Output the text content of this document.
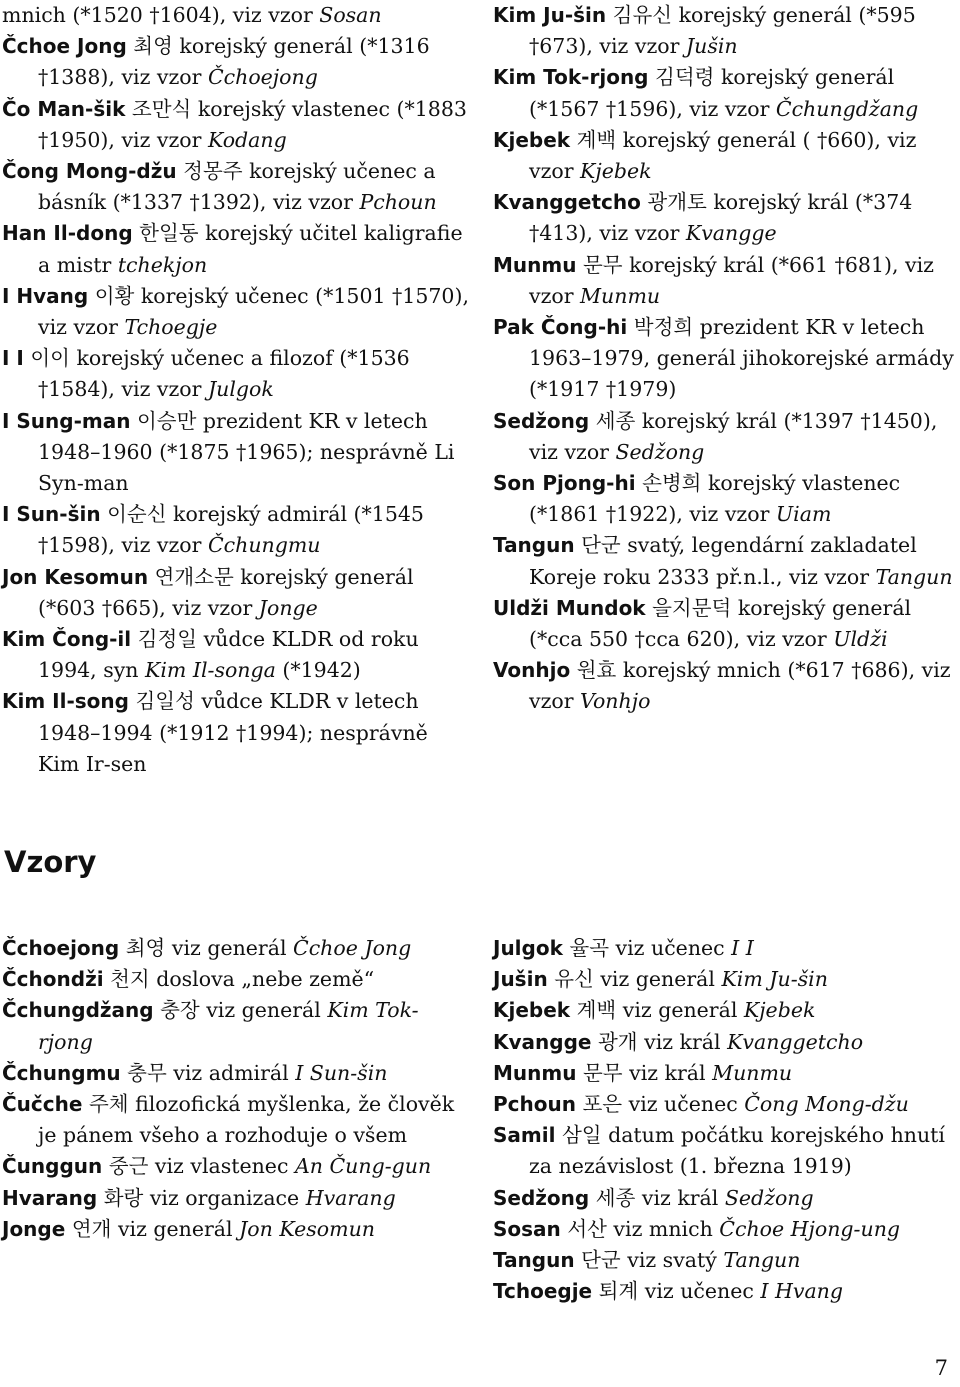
mnich (*1520 †1604), viz vzor Sosan
Čchoe Jong 최영 korejský generál (*1316 †1388), viz vzor Čchoejong
Čo Man-šik 조만식 korejský vlastenec (*1883 †1950), viz vzor Kodang
Čong Mong-džu 정몽주 korejský učenec a básník (*1337 †1392), viz vzor Pchoun
Han Il-dong 한일동 korejský učitel kaligrafie a mistr tchekjon
I Hvang 이황 korejský učenec (*1501 †1570), viz vzor Tchoegje
I I 이이 korejský učenec a filozof (*1536 †1584), viz vzor Julgok
I Sung-man 이승만 prezident KR v letech 1948–1960 (*1875 †1965); nesprávně Li Syn-man
I Sun-šin 이순신 korejský admirál (*1545 †1598), viz vzor Čchungmu
Jon Kesomun 연개소문 korejský generál (*603 †665), viz vzor Jonge
Kim Čong-il 김정일 vůdce KLDR od roku 1994, syn Kim Il-songa (*1942)
Kim Il-song 김일성 vůdce KLDR v letech 1948–1994 (*1912 †1994); nesprávně Kim Ir-sen
Kim Ju-šin 김유신 korejský generál (*595 †673), viz vzor Jušin
Kim Tok-rjong 김덕령 korejský generál (*1567 †1596), viz vzor Čchungdžang
Kjebek 계백 korejský generál ( †660), viz vzor Kjebek
Kvanggetcho 광개토 korejský král (*374 †413), viz vzor Kvangge
Munmu 문무 korejský král (*661 †681), viz vzor Munmu
Pak Čong-hi 박정희 prezident KR v letech 1963–1979, generál jihokorejské armády (*1917 †1979)
Sedžong 세종 korejský král (*1397 †1450), viz vzor Sedžong
Son Pjong-hi 손병희 korejský vlastenec (*1861 †1922), viz vzor Uiam
Tangun 단군 svatý, legendární zakladatel Koreje roku 2333 př.n.l., viz vzor Tangun
Uldži Mundok 을지문덕 korejský generál (*cca 550 †cca 620), viz vzor Uldži
Vonhjo 원효 korejský mnich (*617 †686), viz vzor Vonhjo
Vzory
Čchoejong 최영 viz generál Čchoe Jong
Čchondži 천지 doslova „nebe země“
Čchungdžang 충장 viz generál Kim Tok-rjong
Čchungmu 충무 viz admirál I Sun-šin
Čučche 주체 filozofická myšlenka, že člověk je pánem všeho a rozhoduje o všem
Čunggun 중근 viz vlastenec An Čung-gun
Hvarang 화랑 viz organizace Hvarang
Jonge 연개 viz generál Jon Kesomun
Julgok 율곡 viz učenec I I
Jušin 유신 viz generál Kim Ju-šin
Kjebek 계백 viz generál Kjebek
Kvangge 광개 viz král Kvanggetcho
Munmu 문무 viz král Munmu
Pchoun 포은 viz učenec Čong Mong-džu
Samil 삼일 datum počátku korejského hnutí za nezávislost (1. března 1919)
Sedžong 세종 viz král Sedžong
Sosan 서산 viz mnich Čchoe Hjong-ung
Tangun 단군 viz svatý Tangun
Tchoegje 퇴계 viz učenec I Hvang
7
